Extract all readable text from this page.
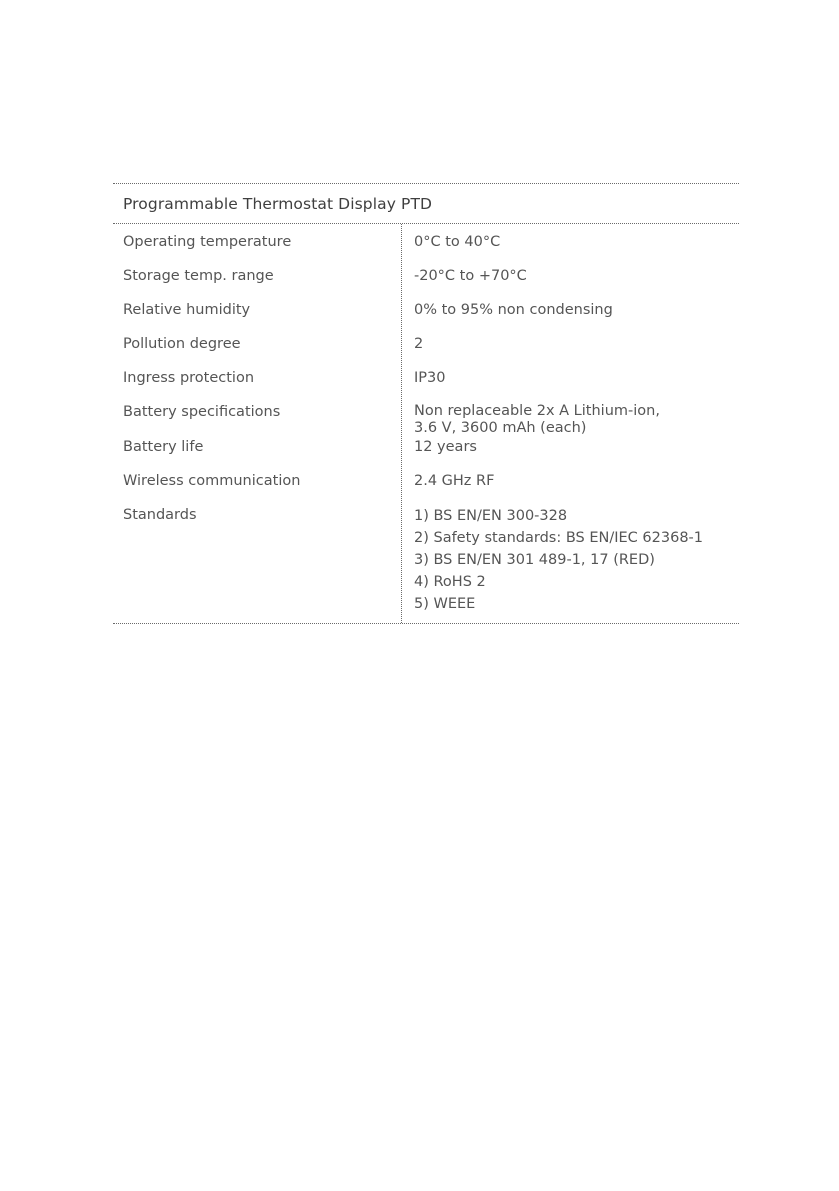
Programmable Thermostat Display PTD
Operating temperature	0°C to 40°C
Storage temp. range	-20°C to +70°C
Relative humidity	0% to 95% non condensing
Pollution degree	2
Ingress protection	IP30
Battery specifications	Non replaceable 2x A Lithium-ion,
3.6 V, 3600 mAh (each)
Battery life	12 years
Wireless communication	2.4 GHz RF
Standards	1) BS EN/EN 300-328
2) Safety standards: BS EN/IEC 62368-1
3) BS EN/EN 301 489-1, 17 (RED)
4) RoHS 2
5) WEEE
